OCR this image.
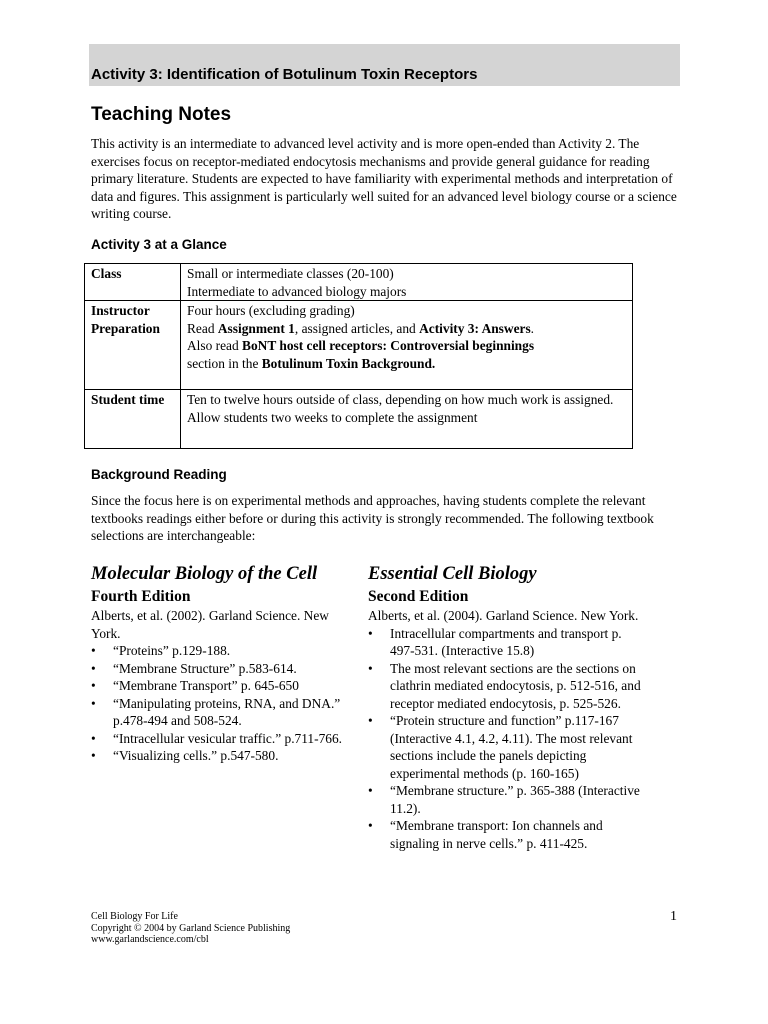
Activity 3: Identification of Botulinum Toxin Receptors
Teaching Notes

This activity is an intermediate to advanced level activity and is more open-ended than Activity 2. The exercises focus on receptor-mediated endocytosis mechanisms and provide general guidance for reading primary literature. Students are expected to have familiarity with experimental methods and interpretation of data and figures. This assignment is particularly well suited for an advanced level biology course or a science writing course.

Activity 3 at a Glance
Class	Small or intermediate classes (20-100)
Intermediate to advanced biology majors

Instructor Preparation	Four hours (excluding grading)
Read Assignment 1, assigned articles, and Activity 3: Answers.
Also read BoNT host cell receptors: Controversial beginnings
section in the Botulinum Toxin Background.

Student time	Ten to twelve hours outside of class, depending on how much work is assigned. Allow students two weeks to complete the assignment
Background Reading

Since the focus here is on experimental methods and approaches, having students complete the relevant textbooks readings either before or during this activity is strongly recommended. The following textbook selections are interchangeable:

Molecular Biology of the Cell
Fourth Edition
Alberts, et al. (2002). Garland Science. New York.
• “Proteins” p.129-188.
• “Membrane Structure” p.583-614.
• “Membrane Transport” p. 645-650
• “Manipulating proteins, RNA, and DNA.” p.478-494 and 508-524.
• “Intracellular vesicular traffic.” p.711-766.
• “Visualizing cells.” p.547-580.
Essential Cell Biology
Second Edition
Alberts, et al. (2004). Garland Science. New York.
• Intracellular compartments and transport p. 497-531. (Interactive 15.8)
• The most relevant sections are the sections on clathrin mediated endocytosis, p. 512-516, and receptor mediated endocytosis, p. 525-526.
• “Protein structure and function” p.117-167 (Interactive 4.1, 4.2, 4.11). The most relevant sections include the panels depicting experimental methods (p. 160-165)
• “Membrane structure.” p. 365-388 (Interactive 11.2).
• “Membrane transport: Ion channels and signaling in nerve cells.” p. 411-425.
Cell Biology For Life
Copyright © 2004 by Garland Science Publishing
www.garlandscience.com/cbl
1
